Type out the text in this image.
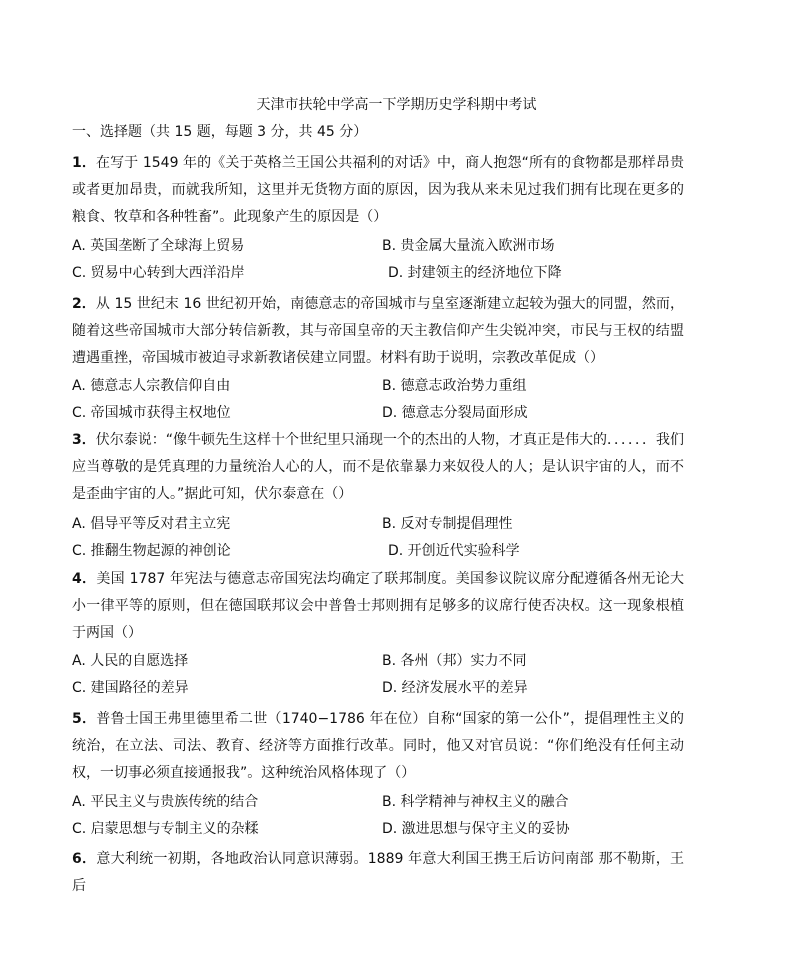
天津市扶轮中学高一下学期历史学科期中考试
一、选择题（共 15 题，每题 3 分，共 45 分）
1．在写于 1549 年的《关于英格兰王国公共福利的对话》中，商人抱怨“所有的食物都是那样昂贵或者更加昂贵，而就我所知，这里并无货物方面的原因，因为我从来未见过我们拥有比现在更多的粮食、牧草和各种牲畜”。此现象产生的原因是（）
A. 英国垄断了全球海上贸易	B. 贵金属大量流入欧洲市场
C. 贸易中心转到大西洋沿岸	D. 封建领主的经济地位下降
2．从 15 世纪末 16 世纪初开始，南德意志的帝国城市与皇室逐渐建立起较为强大的同盟，然而，随着这些帝国城市大部分转信新教，其与帝国皇帝的天主教信仰产生尖锐冲突，市民与王权的结盟遭遇重挫，帝国城市被迫寻求新教诸侯建立同盟。材料有助于说明，宗教改革促成（）
A. 德意志人宗教信仰自由	B. 德意志政治势力重组
C. 帝国城市获得主权地位	D. 德意志分裂局面形成
3．伏尔泰说：“像牛顿先生这样十个世纪里只涌现一个的杰出的人物，才真正是伟大的．．．．．．我们应当尊敬的是凭真理的力量统治人心的人，而不是依靠暴力来奴役人的人；是认识宇宙的人，而不是歪曲宇宙的人。”据此可知，伏尔泰意在（）
A. 倡导平等反对君主立宪	B. 反对专制提倡理性
C. 推翻生物起源的神创论	D. 开创近代实验科学
4．美国 1787 年宪法与德意志帝国宪法均确定了联邦制度。美国参议院议席分配遵循各州无论大小一律平等的原则，但在德国联邦议会中普鲁士邦则拥有足够多的议席行使否决权。这一现象根植于两国（）
A. 人民的自愿选择	B. 各州（邦）实力不同
C. 建国路径的差异	D. 经济发展水平的差异
5．普鲁士国王弗里德里希二世（1740−1786 年在位）自称“国家的第一公仆”，提倡理性主义的统治，在立法、司法、教育、经济等方面推行改革。同时，他又对官员说：“你们绝没有任何主动权，一切事必须直接通报我”。这种统治风格体现了（）
A. 平民主义与贵族传统的结合	B. 科学精神与神权主义的融合
C. 启蒙思想与专制主义的杂糅	D. 激进思想与保守主义的妥协
6．意大利统一初期，各地政治认同意识薄弱。1889 年意大利国王携王后访问南部 那不勒斯，王后
